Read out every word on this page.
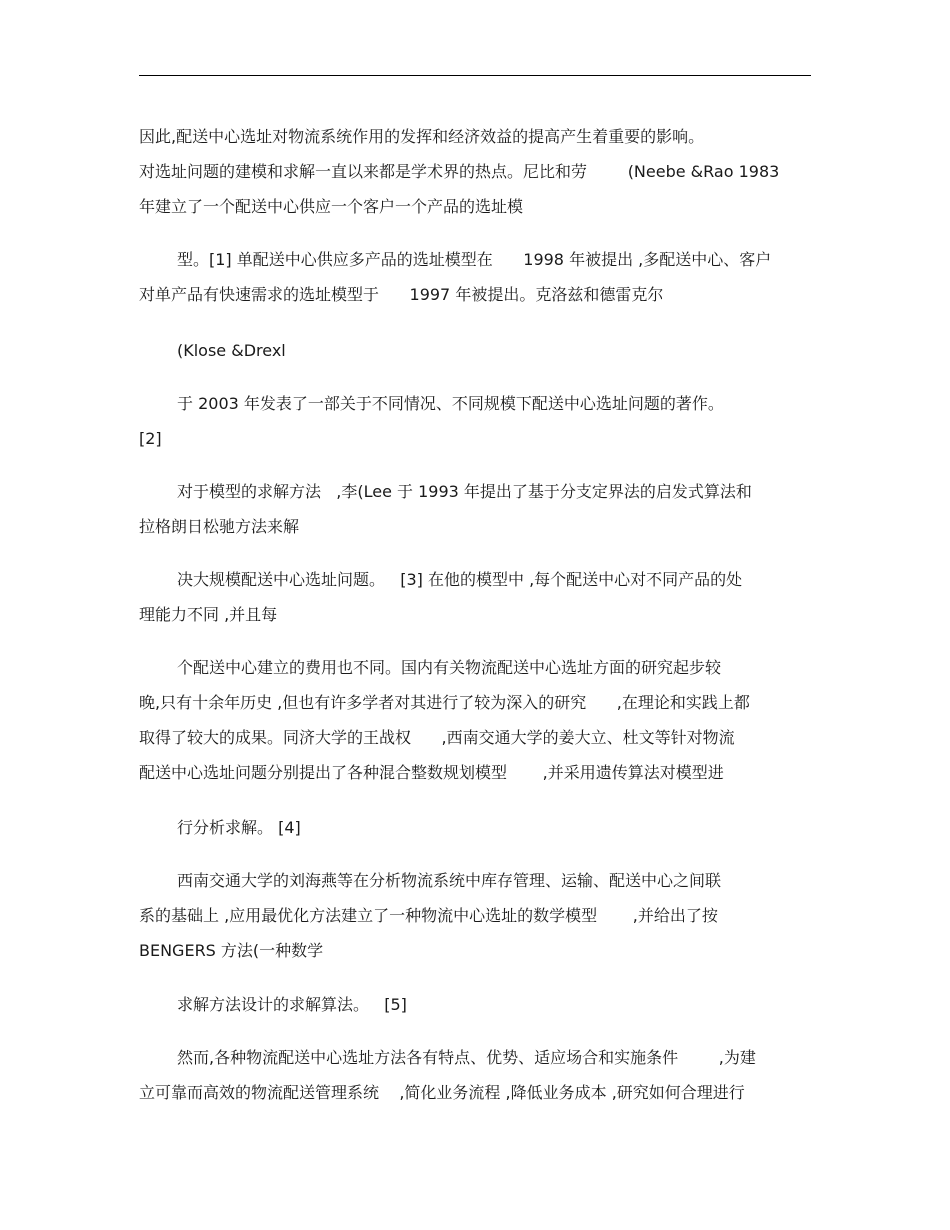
因此,配送中心选址对物流系统作用的发挥和经济效益的提高产生着重要的影响。
对选址问题的建模和求解一直以来都是学术界的热点。尼比和劳        (Neebe &Rao 1983
年建立了一个配送中心供应一个客户一个产品的选址模
型。[1] 单配送中心供应多产品的选址模型在      1998 年被提出 ,多配送中心、客户
对单产品有快速需求的选址模型于      1997 年被提出。克洛兹和德雷克尔
(Klose &Drexl
于 2003 年发表了一部关于不同情况、不同规模下配送中心选址问题的著作。
[2]
对于模型的求解方法   ,李(Lee 于 1993 年提出了基于分支定界法的启发式算法和
拉格朗日松驰方法来解
决大规模配送中心选址问题。   [3] 在他的模型中 ,每个配送中心对不同产品的处
理能力不同 ,并且每
个配送中心建立的费用也不同。国内有关物流配送中心选址方面的研究起步较
晚,只有十余年历史 ,但也有许多学者对其进行了较为深入的研究      ,在理论和实践上都
取得了较大的成果。同济大学的王战权      ,西南交通大学的姜大立、杜文等针对物流
配送中心选址问题分别提出了各种混合整数规划模型       ,并采用遗传算法对模型进
行分析求解。 [4]
西南交通大学的刘海燕等在分析物流系统中库存管理、运输、配送中心之间联
系的基础上 ,应用最优化方法建立了一种物流中心选址的数学模型       ,并给出了按
BENGERS 方法(一种数学
求解方法设计的求解算法。   [5]
然而,各种物流配送中心选址方法各有特点、优势、适应场合和实施条件        ,为建
立可靠而高效的物流配送管理系统    ,简化业务流程 ,降低业务成本 ,研究如何合理进行
